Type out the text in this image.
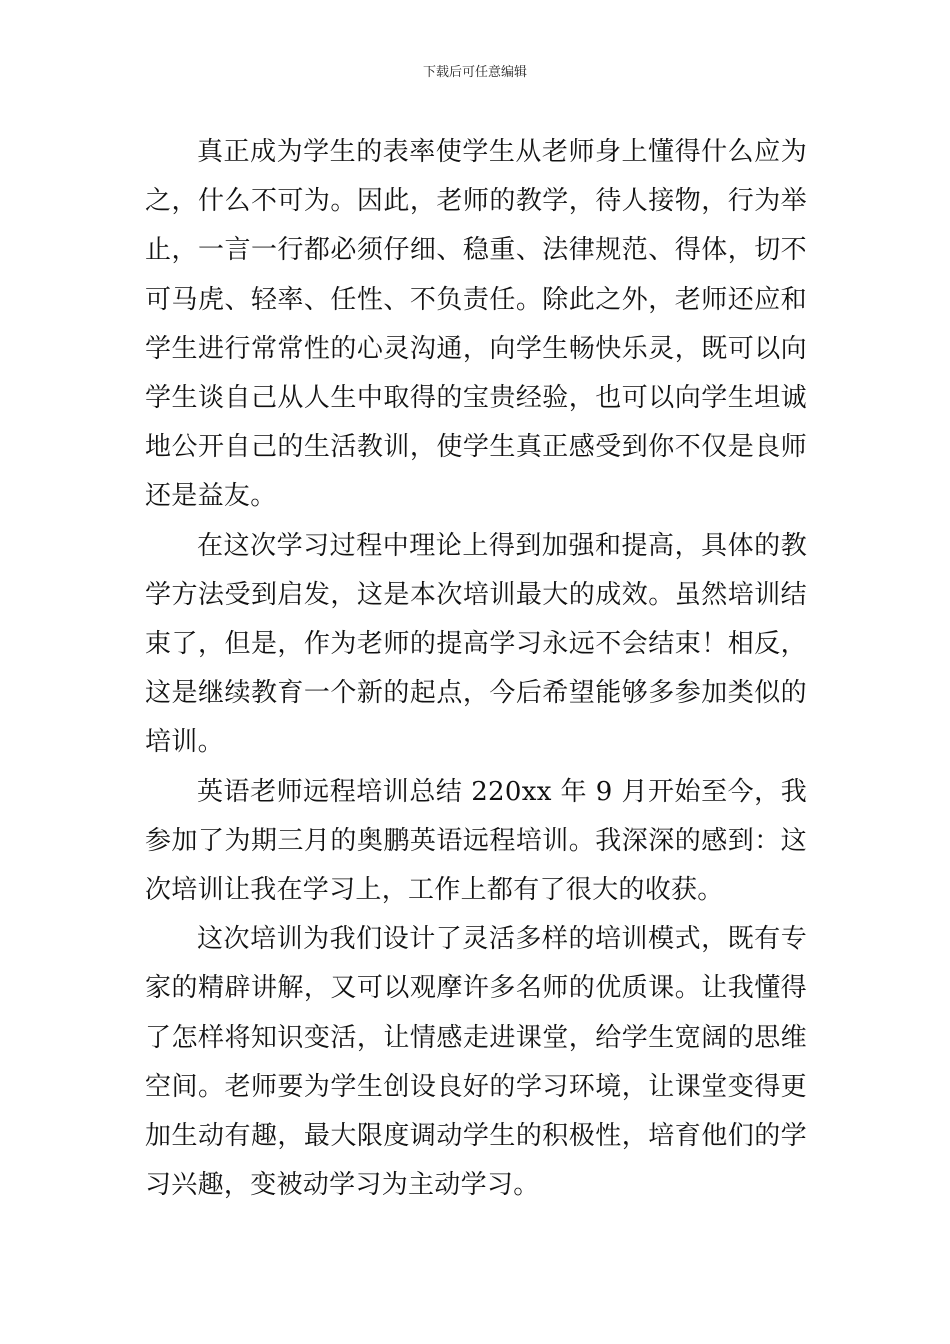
下载后可任意编辑

真正成为学生的表率使学生从老师身上懂得什么应为之，什么不可为。因此，老师的教学，待人接物，行为举止，一言一行都必须仔细、稳重、法律规范、得体，切不可马虎、轻率、任性、不负责任。除此之外，老师还应和学生进行常常性的心灵沟通，向学生畅快乐灵，既可以向学生谈自己从人生中取得的宝贵经验，也可以向学生坦诚地公开自己的生活教训，使学生真正感受到你不仅是良师还是益友。

在这次学习过程中理论上得到加强和提高，具体的教学方法受到启发，这是本次培训最大的成效。虽然培训结束了，但是，作为老师的提高学习永远不会结束！相反，这是继续教育一个新的起点，今后希望能够多参加类似的培训。

英语老师远程培训总结 220xx 年 9 月开始至今，我参加了为期三月的奥鹏英语远程培训。我深深的感到：这次培训让我在学习上，工作上都有了很大的收获。

这次培训为我们设计了灵活多样的培训模式，既有专家的精辟讲解，又可以观摩许多名师的优质课。让我懂得了怎样将知识变活，让情感走进课堂，给学生宽阔的思维空间。老师要为学生创设良好的学习环境，让课堂变得更加生动有趣，最大限度调动学生的积极性，培育他们的学习兴趣，变被动学习为主动学习。
